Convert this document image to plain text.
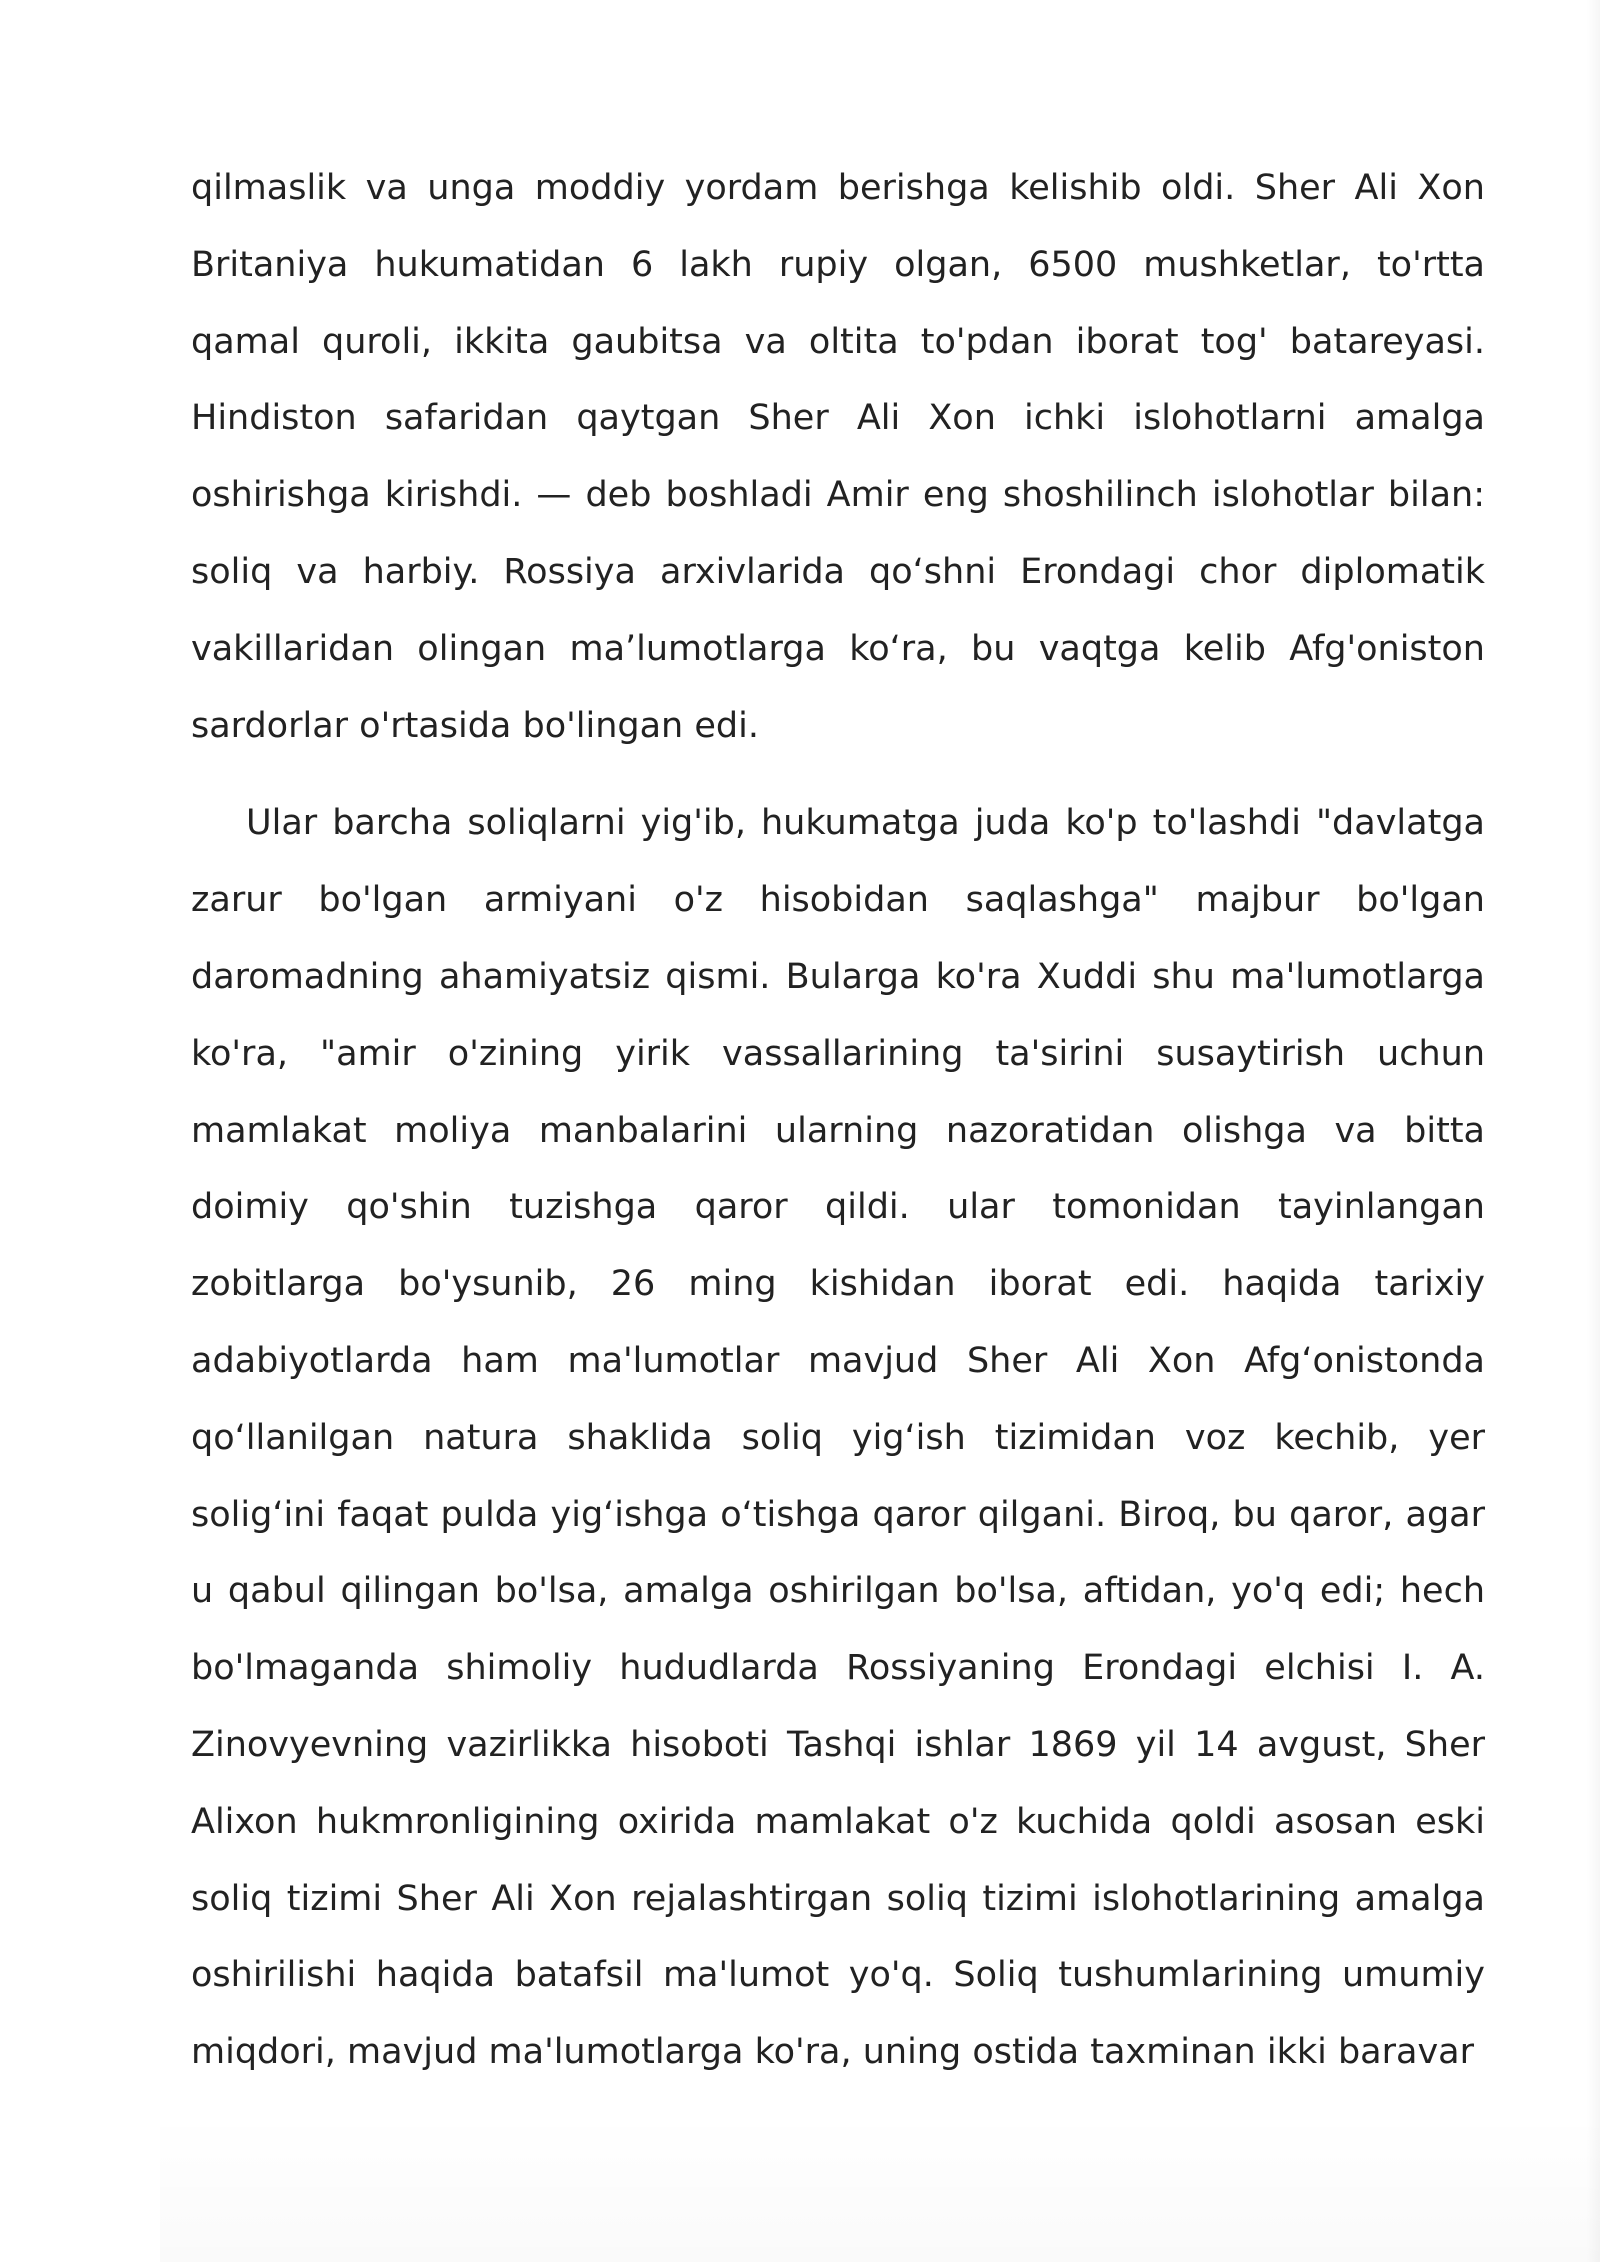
qilmaslik va unga moddiy yordam berishga kelishib oldi. Sher Ali Xon Britaniya hukumatidan 6 lakh rupiy olgan, 6500 mushketlar, to'rtta qamal quroli, ikkita gaubitsa va oltita to'pdan iborat tog' batareyasi. Hindiston safaridan qaytgan Sher Ali Xon ichki islohotlarni amalga oshirishga kirishdi. — deb boshladi Amir eng shoshilinch islohotlar bilan: soliq va harbiy. Rossiya arxivlarida qo‘shni Erondagi chor diplomatik vakillaridan olingan ma’lumotlarga ko‘ra, bu vaqtga kelib Afg'oniston sardorlar o'rtasida bo'lingan edi.

Ular barcha soliqlarni yig'ib, hukumatga juda ko'p to'lashdi "davlatga zarur bo'lgan armiyani o'z hisobidan saqlashga" majbur bo'lgan daromadning ahamiyatsiz qismi. Bularga ko'ra Xuddi shu ma'lumotlarga ko'ra, "amir o'zining yirik vassallarining ta'sirini susaytirish uchun mamlakat moliya manbalarini ularning nazoratidan olishga va bitta doimiy qo'shin tuzishga qaror qildi. ular tomonidan tayinlangan zobitlarga bo'ysunib, 26 ming kishidan iborat edi. haqida tarixiy adabiyotlarda ham ma'lumotlar mavjud Sher Ali Xon Afg‘onistonda qo‘llanilgan natura shaklida soliq yig‘ish tizimidan voz kechib, yer solig‘ini faqat pulda yig‘ishga o‘tishga qaror qilgani. Biroq, bu qaror, agar u qabul qilingan bo'lsa, amalga oshirilgan bo'lsa, aftidan, yo'q edi; hech bo'lmaganda shimoliy hududlarda Rossiyaning Erondagi elchisi I. A. Zinovyevning vazirlikka hisoboti Tashqi ishlar 1869 yil 14 avgust, Sher Alixon hukmronligining oxirida mamlakat o'z kuchida qoldi asosan eski soliq tizimi Sher Ali Xon rejalashtirgan soliq tizimi islohotlarining amalga oshirilishi haqida batafsil ma'lumot yo'q. Soliq tushumlarining umumiy miqdori, mavjud ma'lumotlarga ko'ra, uning ostida taxminan ikki baravar
